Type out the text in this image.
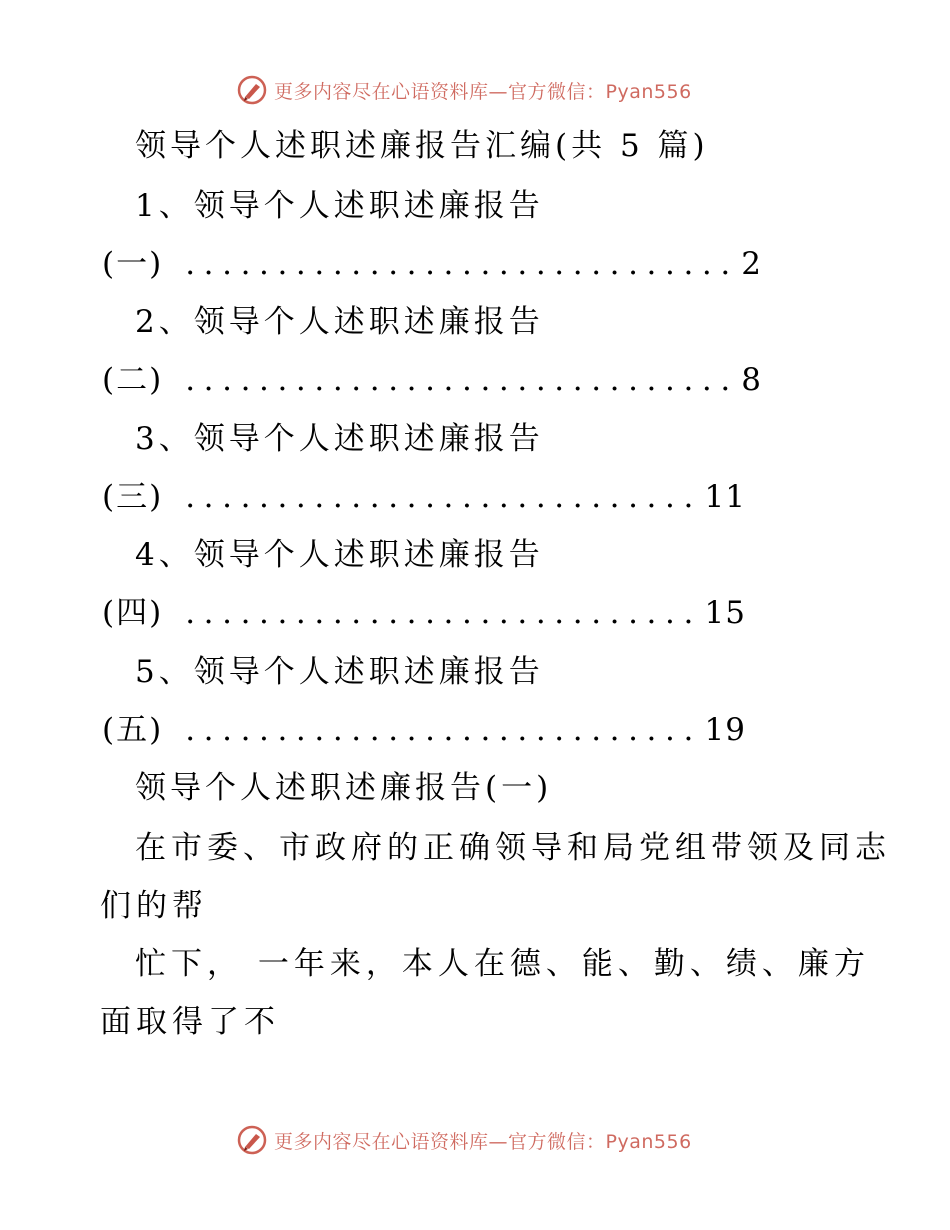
更多内容尽在心语资料库—官方微信：Pyan556
领导个人述职述廉报告汇编(共 5 篇)
1、领导个人述职述廉报告
(一) .....	2
2、领导个人述职述廉报告
(二) .....	8
3、领导个人述职述廉报告
(三) .....	11
4、领导个人述职述廉报告
(四) .....	15
5、领导个人述职述廉报告
(五) .....	19
领导个人述职述廉报告(一)
在市委、市政府的正确领导和局党组带领及同志
们的帮
忙下， 一年来，本人在德、能、勤、绩、廉方
面取得了不
更多内容尽在心语资料库—官方微信：Pyan556
